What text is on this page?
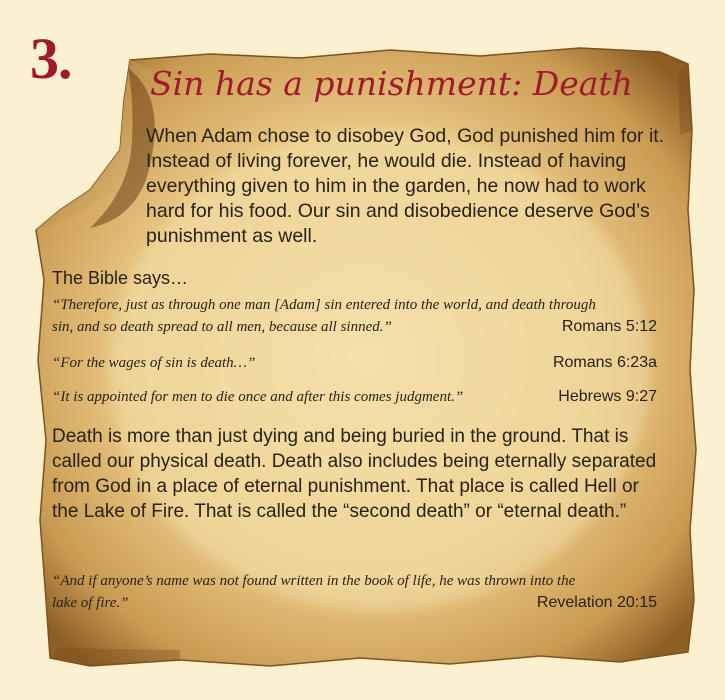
3. Sin has a punishment: Death
When Adam chose to disobey God, God punished him for it. Instead of living forever, he would die. Instead of having everything given to him in the garden, he now had to work hard for his food. Our sin and disobedience deserve God’s punishment as well.
The Bible says…
“Therefore, just as through one man [Adam] sin entered into the world, and death through
sin, and so death spread to all men, because all sinned.”	Romans 5:12
“For the wages of sin is death…”	Romans 6:23a
“It is appointed for men to die once and after this comes judgment.”	Hebrews 9:27
Death is more than just dying and being buried in the ground. That is called our physical death. Death also includes being eternally separated from God in a place of eternal punishment. That place is called Hell or the Lake of Fire. That is called the “second death” or “eternal death.”
“And if anyone’s name was not found written in the book of life, he was thrown into the
lake of fire.”	Revelation 20:15
